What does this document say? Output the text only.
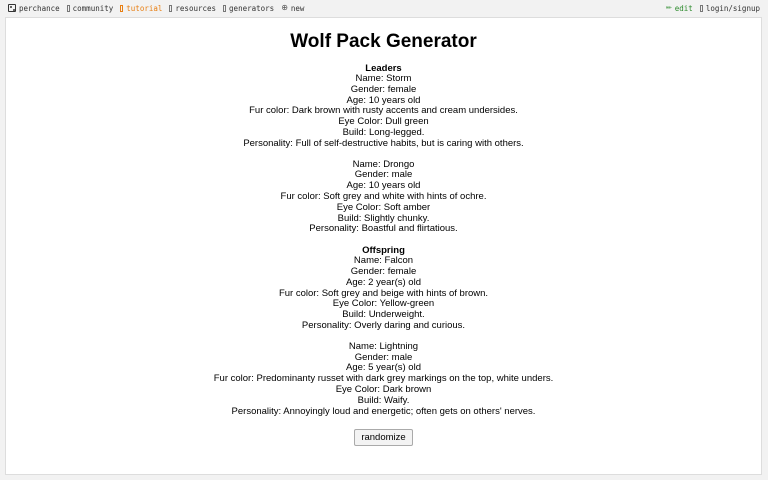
perchance community tutorial resources generators ⊕ new	✏ edit login/signup
Wolf Pack Generator
Leaders
Name: Storm
Gender: female
Age: 10 years old
Fur color: Dark brown with rusty accents and cream undersides.
Eye Color: Dull green
Build: Long-legged.
Personality: Full of self-destructive habits, but is caring with others.
Name: Drongo
Gender: male
Age: 10 years old
Fur color: Soft grey and white with hints of ochre.
Eye Color: Soft amber
Build: Slightly chunky.
Personality: Boastful and flirtatious.
Offspring
Name: Falcon
Gender: female
Age: 2 year(s) old
Fur color: Soft grey and beige with hints of brown.
Eye Color: Yellow-green
Build: Underweight.
Personality: Overly daring and curious.
Name: Lightning
Gender: male
Age: 5 year(s) old
Fur color: Predominanty russet with dark grey markings on the top, white unders.
Eye Color: Dark brown
Build: Waify.
Personality: Annoyingly loud and energetic; often gets on others' nerves.
randomize
